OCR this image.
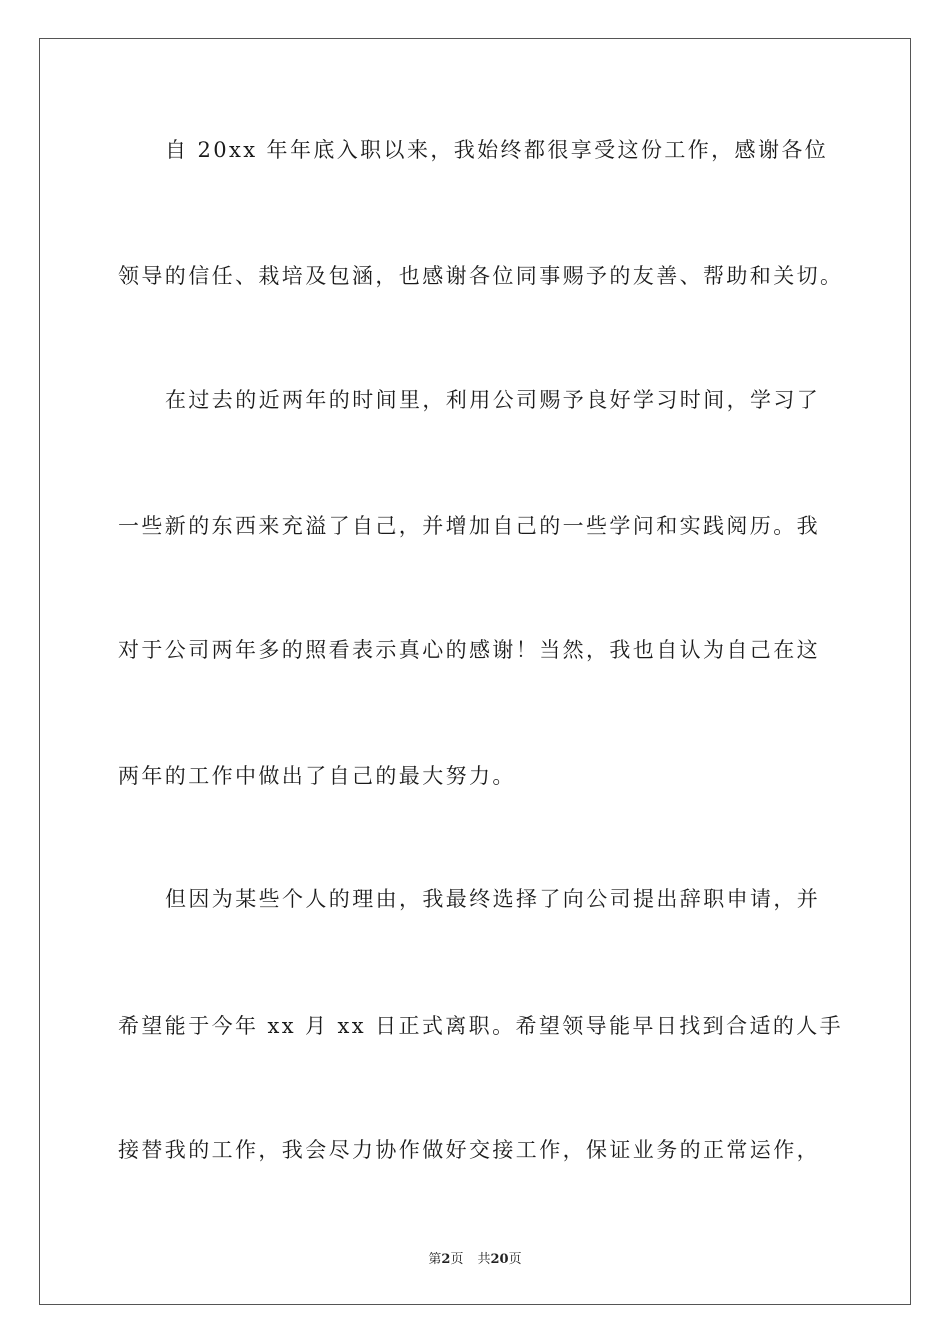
自 20xx 年年底入职以来，我始终都很享受这份工作，感谢各位
领导的信任、栽培及包涵，也感谢各位同事赐予的友善、帮助和关切。
在过去的近两年的时间里，利用公司赐予良好学习时间，学习了
一些新的东西来充溢了自己，并增加自己的一些学问和实践阅历。我
对于公司两年多的照看表示真心的感谢！当然，我也自认为自己在这
两年的工作中做出了自己的最大努力。
但因为某些个人的理由，我最终选择了向公司提出辞职申请，并
希望能于今年 xx 月 xx 日正式离职。希望领导能早日找到合适的人手
接替我的工作，我会尽力协作做好交接工作，保证业务的正常运作，
第2页 共20页
